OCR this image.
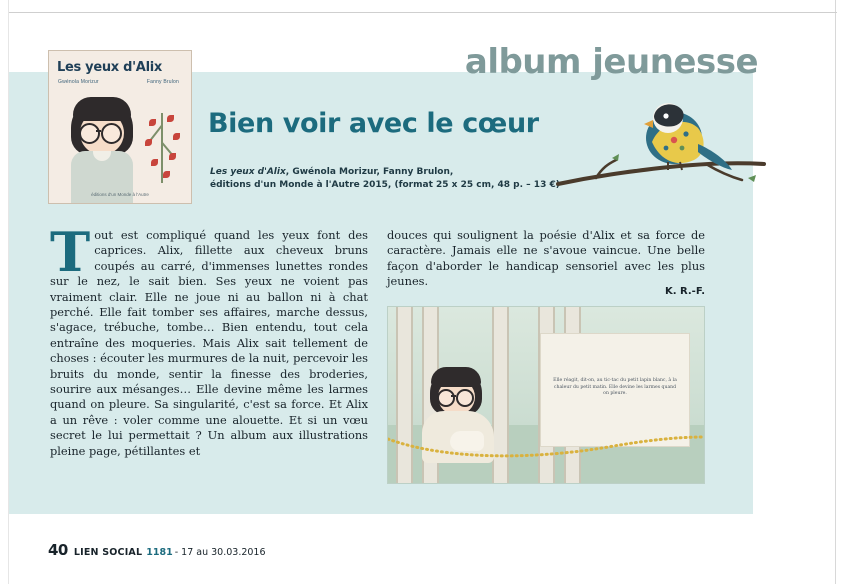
album jeunesse
Les yeux d'Alix
Gwénola Morizur	Fanny Brulon
éditions d'un Monde à l'Autre
Bien voir avec le cœur
Les yeux d'Alix, Gwénola Morizur, Fanny Brulon,
éditions d'un Monde à l'Autre 2015, (format 25 x 25 cm, 48 p. – 13 €)
Tout est compliqué quand les yeux font des caprices. Alix, fillette aux cheveux bruns coupés au carré, d'immenses lunettes rondes sur le nez, le sait bien. Ses yeux ne voient pas vraiment clair. Elle ne joue ni au ballon ni à chat perché. Elle fait tomber ses affaires, marche dessus, s'agace, trébuche, tombe… Bien entendu, tout cela entraîne des moqueries. Mais Alix sait tellement de choses : écouter les murmures de la nuit, percevoir les bruits du monde, sentir la finesse des broderies, sourire aux mésanges… Elle devine même les larmes quand on pleure. Sa singularité, c'est sa force. Et Alix a un rêve : voler comme une alouette. Et si un vœu secret le lui permettait ? Un album aux illustrations pleine page, pétillantes et
douces qui soulignent la poésie d'Alix et sa force de caractère. Jamais elle ne s'avoue vaincue. Une belle façon d'aborder le handicap sensoriel avec les plus jeunes.
K. R.-F.
Elle réagit, dit-on, au tic-tac du petit lapin blanc, à la chaleur du petit matin. Elle devine les larmes quand on pleure.
40 LIEN SOCIAL 1181 - 17 au 30.03.2016
